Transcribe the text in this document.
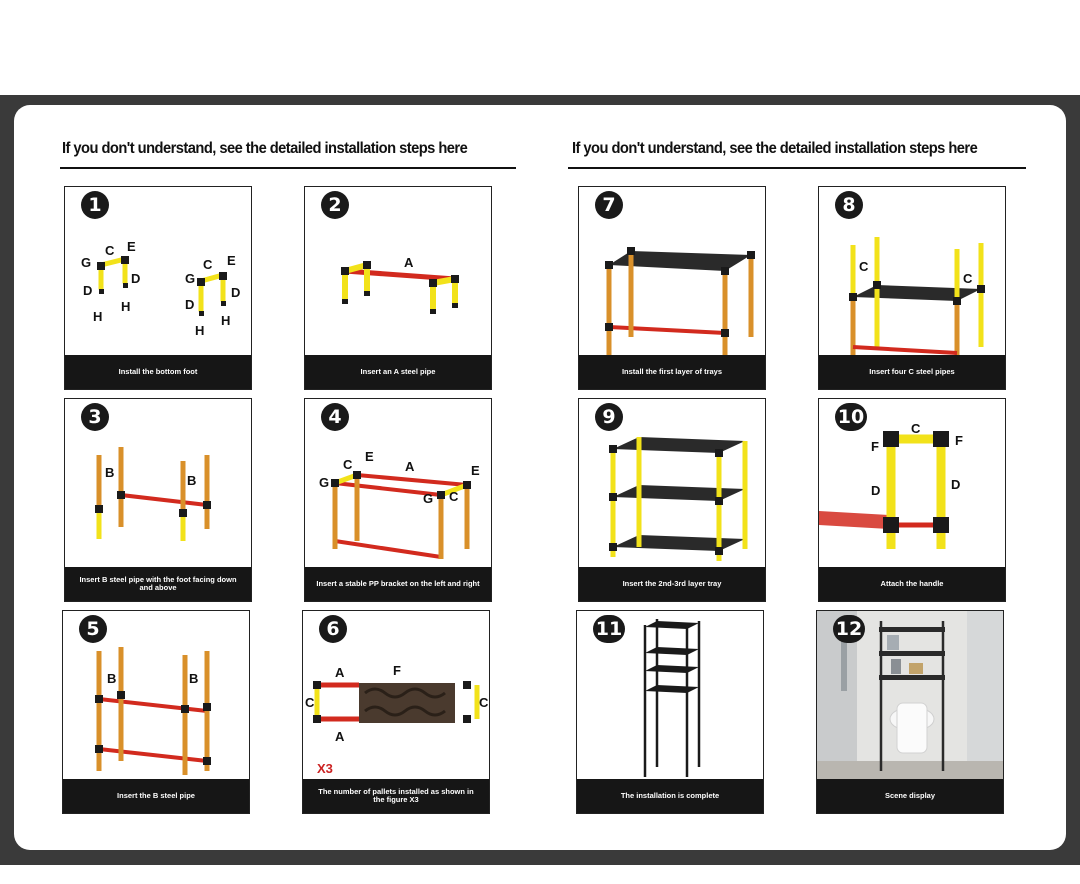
If you don't understand, see the detailed installation steps here	If you don't understand, see the detailed installation steps here
G
C E
D
D
H
H
G
C E
D
D
H
H
1
Install the bottom foot
A
2
Insert an A steel pipe
B
B
3
Insert B steel pipe with the foot facing down and above
G
C
E
A	E
G C
4
Insert a stable PP bracket on the left and right
B	B
5
Insert the B steel pipe
A	F
C	C
A
X3
6
The number of pallets installed as shown in the figure X3
7
Install the first layer of trays
C
C
8
Insert four C steel pipes
9
Insert the 2nd-3rd layer tray
C
F	F
D	D
10
Attach the handle
11
The installation is complete
12
Scene display
